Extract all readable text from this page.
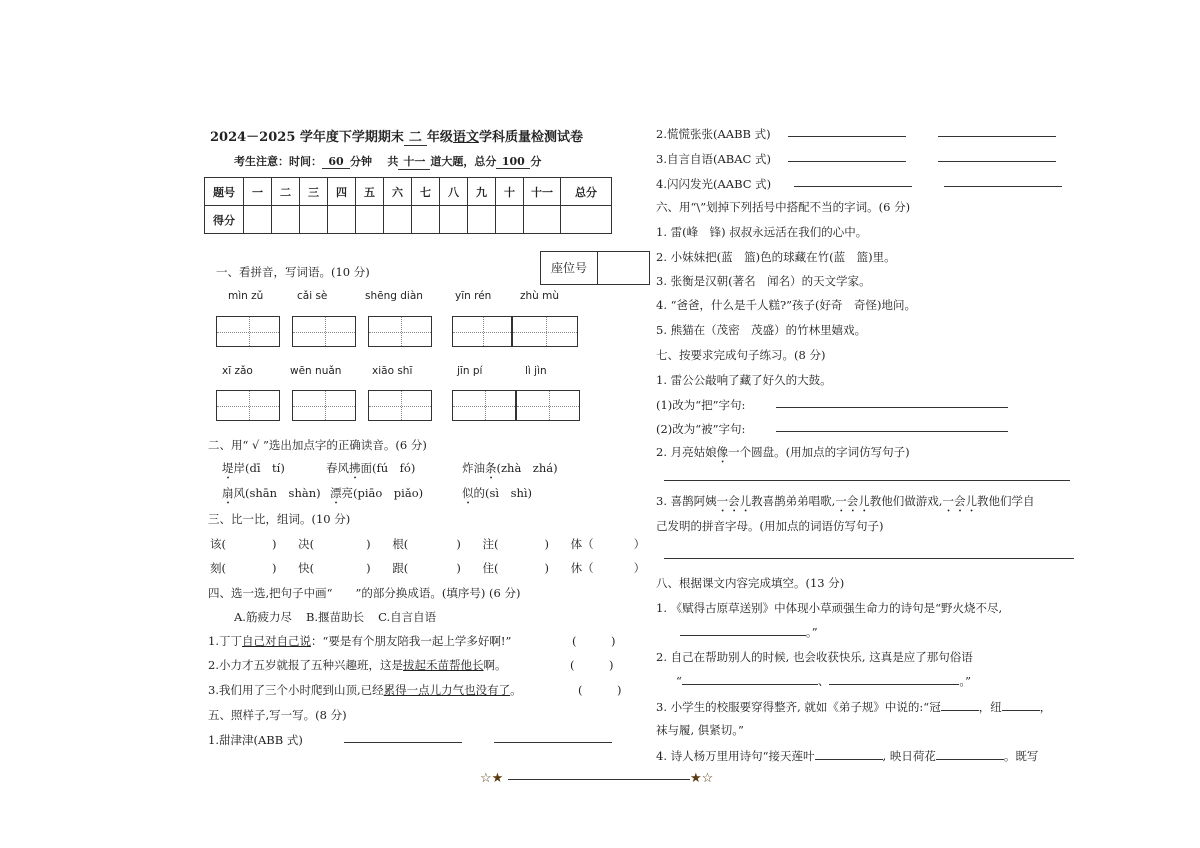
2024－2025 学年度下学期期末 二 年级语文学科质量检测试卷
考生注意：时间： 60 分钟 共 十一 道大题，总分 100 分
题号	一	二	三	四	五	六	七	八	九	十	十一	总分
得分												
座位号
一、看拼音，写词语。(10 分)
mìn zǔ	cǎi sè	shēng diàn	yīn rén	zhù mù
xī zǎo	wēn nuǎn	xiāo shī	jīn pí	lì jìn
二、用“ √ ”选出加点字的正确读音。(6 分)
堤岸(dī　tí)	春风拂面(fú　fó)	炸油条(zhà　zhá)
扇风(shān　shàn) 漂亮(piāo　piǎo)	似的(sì　shì)
三、比一比，组词。(10 分)
该(	) 决(	) 根(	) 注(	) 体（	）
刻(	) 快(	) 跟(	) 住(	) 休（	）
四、选一选,把句子中画“　　”的部分换成语。(填序号) (6 分)
A.筋疲力尽 B.揠苗助长 C.自言自语
1.丁丁自己对自己说：“要是有个朋友陪我一起上学多好啊!”	(　　　)
2.小力才五岁就报了五种兴趣班，这是拔起禾苗帮他长啊。	(　　　)
3.我们用了三个小时爬到山顶,已经累得一点儿力气也没有了。	(　　　)
五、照样子,写一写。(8 分)
1.甜津津(ABB 式)
2.慌慌张张(AABB 式)
3.自言自语(ABAC 式)
4.闪闪发光(AABC 式)
六、用“\”划掉下列括号中搭配不当的字词。(6 分)
1. 雷(峰　锋) 叔叔永远活在我们的心中。
2. 小妹妹把(蓝　篮)色的球藏在竹(蓝　篮)里。
3. 张衡是汉朝(著名　闻名）的天文学家。
4. “爸爸，什么是千人糕?”孩子(好奇　奇怪)地问。
5. 熊猫在（茂密　茂盛）的竹林里嬉戏。
七、按要求完成句子练习。(8 分)
1. 雷公公敲响了藏了好久的大鼓。
(1)改为“把”字句:
(2)改为“被”字句:
2. 月亮姑娘像一个圆盘。(用加点的字词仿写句子)
3. 喜鹊阿姨一会儿教喜鹊弟弟唱歌,一会儿教他们做游戏,一会儿教他们学自
己发明的拼音字母。(用加点的词语仿写句子)
八、根据课文内容完成填空。(13 分)
1. 《赋得古原草送别》中体现小草顽强生命力的诗句是“野火烧不尽,
。”
2. 自己在帮助别人的时候, 也会收获快乐, 这真是应了那句俗语
“	、	。”
3. 小学生的校服要穿得整齐, 就如《弟子规》中说的:“冠	，纽	，
袜与履, 俱紧切。”
4. 诗人杨万里用诗句“接天莲叶	, 映日荷花	。既写
☆★	★☆
